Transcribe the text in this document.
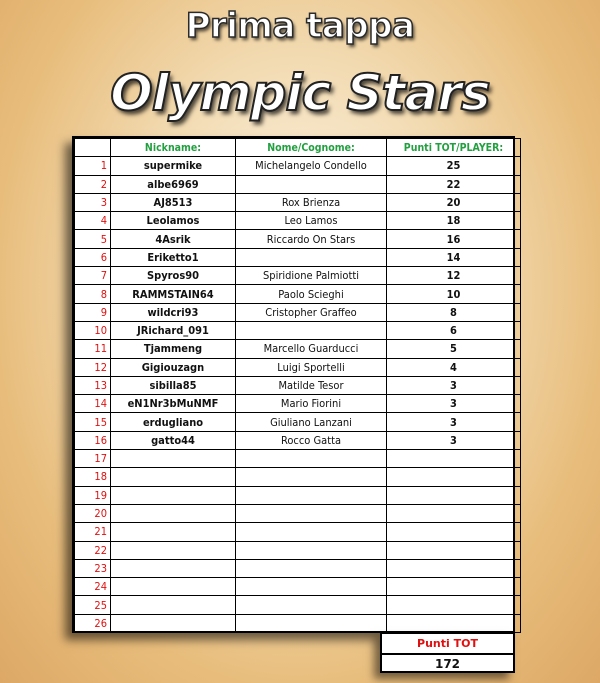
Prima tappa
Olympic Stars
	Nickname:	Nome/Cognome:	Punti TOT/PLAYER:
1	supermike	Michelangelo Condello	25
2	albe6969		22
3	AJ8513	Rox Brienza	20
4	Leolamos	Leo Lamos	18
5	4Asrik	Riccardo On Stars	16
6	Eriketto1		14
7	Spyros90	Spiridione Palmiotti	12
8	RAMMSTAIN64	Paolo Scieghi	10
9	wildcri93	Cristopher Graffeo	8
10	JRichard_091		6
11	Tjammeng	Marcello Guarducci	5
12	Gigiouzagn	Luigi Sportelli	4
13	sibilla85	Matilde Tesor	3
14	eN1Nr3bMuNMF	Mario Fiorini	3
15	erdugliano	Giuliano Lanzani	3
16	gatto44	Rocco Gatta	3
17			
18			
19			
20			
21			
22			
23			
24			
25			
26			
Punti TOT
172
